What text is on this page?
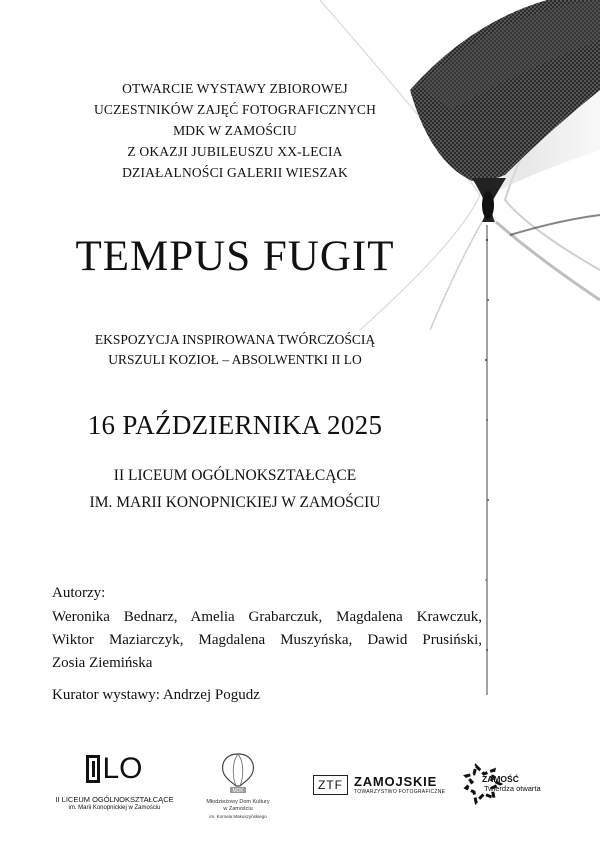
OTWARCIE WYSTAWY ZBIOROWEJ
UCZESTNIKÓW ZAJĘĆ FOTOGRAFICZNYCH
MDK W ZAMOŚCIU
Z OKAZJI JUBILEUSZU XX-LECIA
DZIAŁALNOŚCI GALERII WIESZAK
TEMPUS FUGIT
EKSPOZYCJA INSPIROWANA TWÓRCZOŚCIĄ
URSZULI KOZIOŁ – ABSOLWENTKI II LO
16 PAŹDZIERNIKA 2025
II LICEUM OGÓLNOKSZTAŁCĄCE
IM. MARII KONOPNICKIEJ W ZAMOŚCIU
Autorzy:
Weronika Bednarz, Amelia Grabarczuk, Magdalena Krawczuk,
Wiktor Maziarczyk, Magdalena Muszyńska, Dawid Prusiński,
Zosia Ziemińska
Kurator wystawy: Andrzej Pogudz
LO
II LICEUM OGÓLNOKSZTAŁCĄCE
im. Marii Konopnickiej w Zamościu
MDK
Młodzieżowy Dom Kultury
w Zamościu
im. Kornela Makuszyńskiego
ZTF ZAMOJSKIE
TOWARZYSTWO FOTOGRAFICZNE
ZAMOŚĆ
Twierdza otwarta
